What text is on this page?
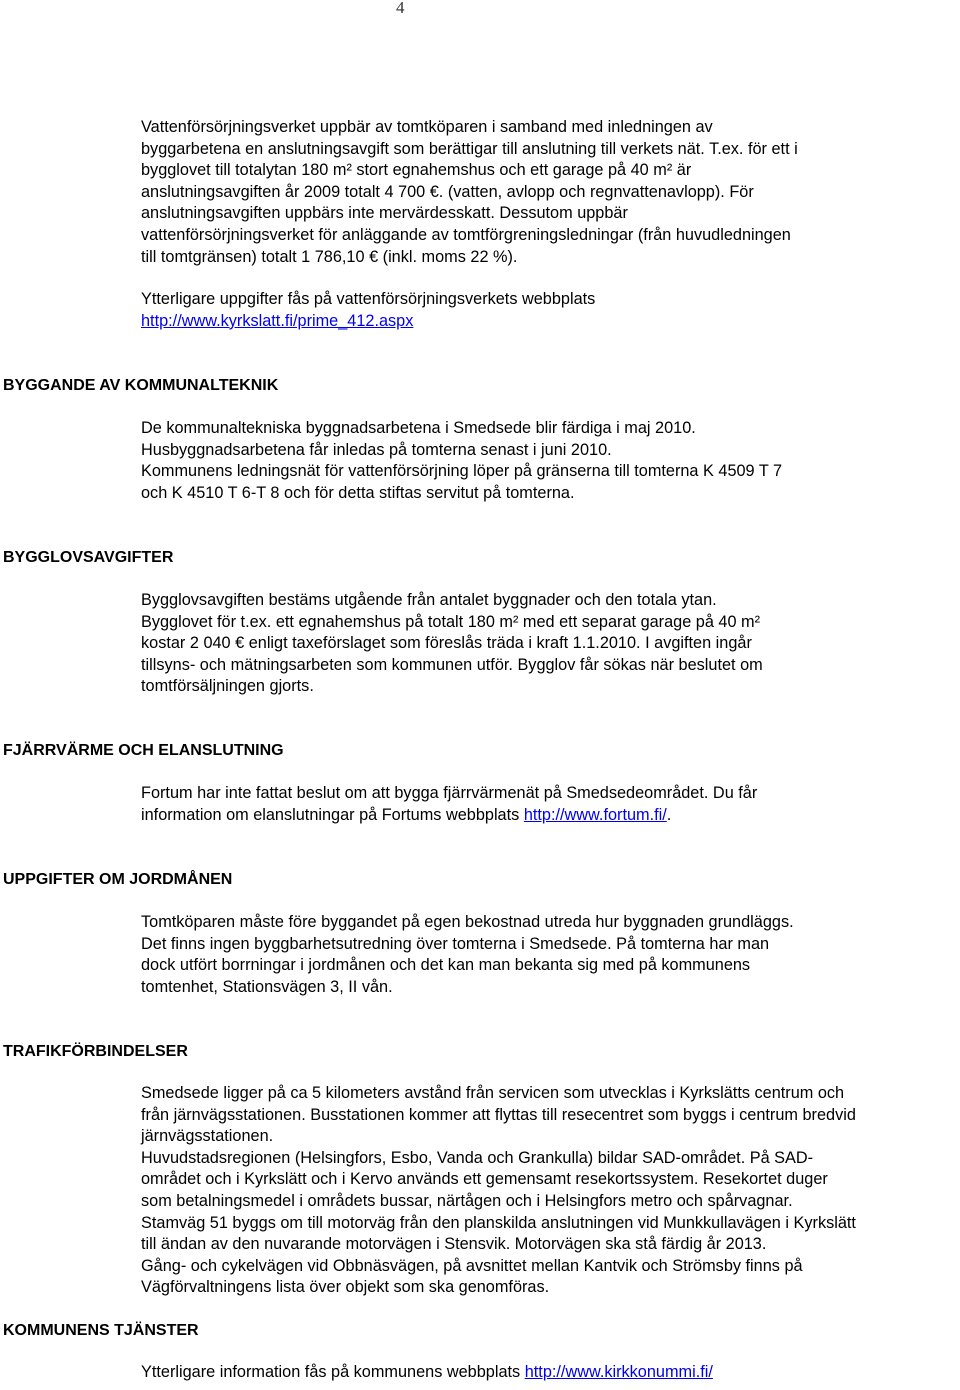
4
Vattenförsörjningsverket uppbär av tomtköparen i samband med inledningen av
byggarbetena en anslutningsavgift som berättigar till anslutning till verkets nät. T.ex. för ett i
bygglovet till totalytan 180 m² stort egnahemshus och ett garage på 40 m² är
anslutningsavgiften år 2009 totalt 4 700 €. (vatten, avlopp och regnvattenavlopp). För
anslutningsavgiften uppbärs inte mervärdesskatt. Dessutom uppbär
vattenförsörjningsverket för anläggande av tomtförgreningsledningar (från huvudledningen
till tomtgränsen) totalt 1 786,10 € (inkl. moms 22 %).
Ytterligare uppgifter fås på vattenförsörjningsverkets webbplats
http://www.kyrkslatt.fi/prime_412.aspx
BYGGANDE AV KOMMUNALTEKNIK
De kommunaltekniska byggnadsarbetena i Smedsede blir färdiga i maj 2010.
Husbyggnadsarbetena får inledas på tomterna senast i juni 2010.
Kommunens ledningsnät för vattenförsörjning löper på gränserna till tomterna K 4509 T 7
och K 4510 T 6-T 8 och för detta stiftas servitut på tomterna.
BYGGLOVSAVGIFTER
Bygglovsavgiften bestäms utgående från antalet byggnader och den totala ytan.
Bygglovet för t.ex. ett egnahemshus på totalt 180 m² med ett separat garage på 40 m²
kostar 2 040 € enligt taxeförslaget som föreslås träda i kraft 1.1.2010. I avgiften ingår
tillsyns- och mätningsarbeten som kommunen utför. Bygglov får sökas när beslutet om
tomtförsäljningen gjorts.
FJÄRRVÄRME OCH ELANSLUTNING
Fortum har inte fattat beslut om att bygga fjärrvärmenät på Smedsedeområdet. Du får
information om elanslutningar på Fortums webbplats http://www.fortum.fi/.
UPPGIFTER OM JORDMÅNEN
Tomtköparen måste före byggandet på egen bekostnad utreda hur byggnaden grundläggs.
Det finns ingen byggbarhetsutredning över tomterna i Smedsede. På tomterna har man
dock utfört borrningar i jordmånen och det kan man bekanta sig med på kommunens
tomtenhet, Stationsvägen 3, II vån.
TRAFIKFÖRBINDELSER
Smedsede ligger på ca 5 kilometers avstånd från servicen som utvecklas i Kyrkslätts centrum och
från järnvägsstationen. Busstationen kommer att flyttas till resecentret som byggs i centrum bredvid
järnvägsstationen.
Huvudstadsregionen (Helsingfors, Esbo, Vanda och Grankulla) bildar SAD-området. På SAD-
området och i Kyrkslätt och i Kervo används ett gemensamt resekortssystem. Resekortet duger
som betalningsmedel i områdets bussar, närtågen och i Helsingfors metro och spårvagnar.
Stamväg 51 byggs om till motorväg från den planskilda anslutningen vid Munkkullavägen i Kyrkslätt
till ändan av den nuvarande motorvägen i Stensvik. Motorvägen ska stå färdig år 2013.
Gång- och cykelvägen vid Obbnäsvägen, på avsnittet mellan Kantvik och Strömsby finns på
Vägförvaltningens lista över objekt som ska genomföras.
KOMMUNENS TJÄNSTER
Ytterligare information fås på kommunens webbplats http://www.kirkkonummi.fi/
